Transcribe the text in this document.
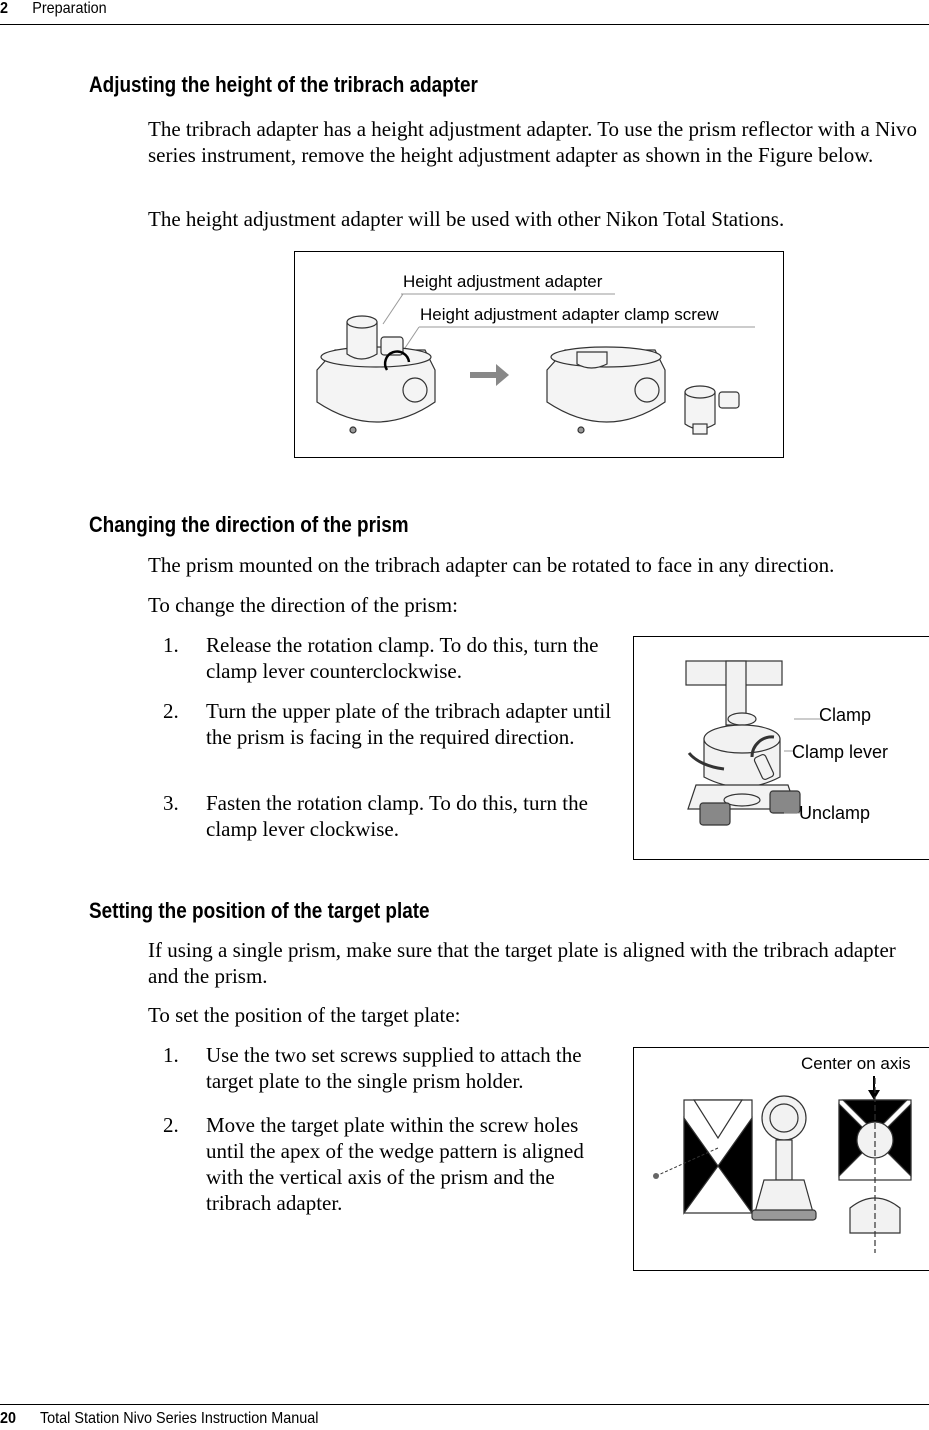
2 Preparation
Adjusting the height of the tribrach adapter

The tribrach adapter has a height adjustment adapter. To use the prism reflector with a Nivo series instrument, remove the height adjustment adapter as shown in the Figure below.

The height adjustment adapter will be used with other Nikon Total Stations.

Height adjustment adapter
Height adjustment adapter clamp screw
Changing the direction of the prism

The prism mounted on the tribrach adapter can be rotated to face in any direction.

To change the direction of the prism:

1. Release the rotation clamp. To do this, turn the clamp lever counterclockwise.

2. Turn the upper plate of the tribrach adapter until the prism is facing in the required direction.

3. Fasten the rotation clamp. To do this, turn the clamp lever clockwise.

Clamp
Clamp lever
Unclamp
Setting the position of the target plate

If using a single prism, make sure that the target plate is aligned with the tribrach adapter and the prism.

To set the position of the target plate:

1. Use the two set screws supplied to attach the target plate to the single prism holder.

2. Move the target plate within the screw holes until the apex of the wedge pattern is aligned with the vertical axis of the prism and the tribrach adapter.

Center on axis
20 Total Station Nivo Series Instruction Manual
